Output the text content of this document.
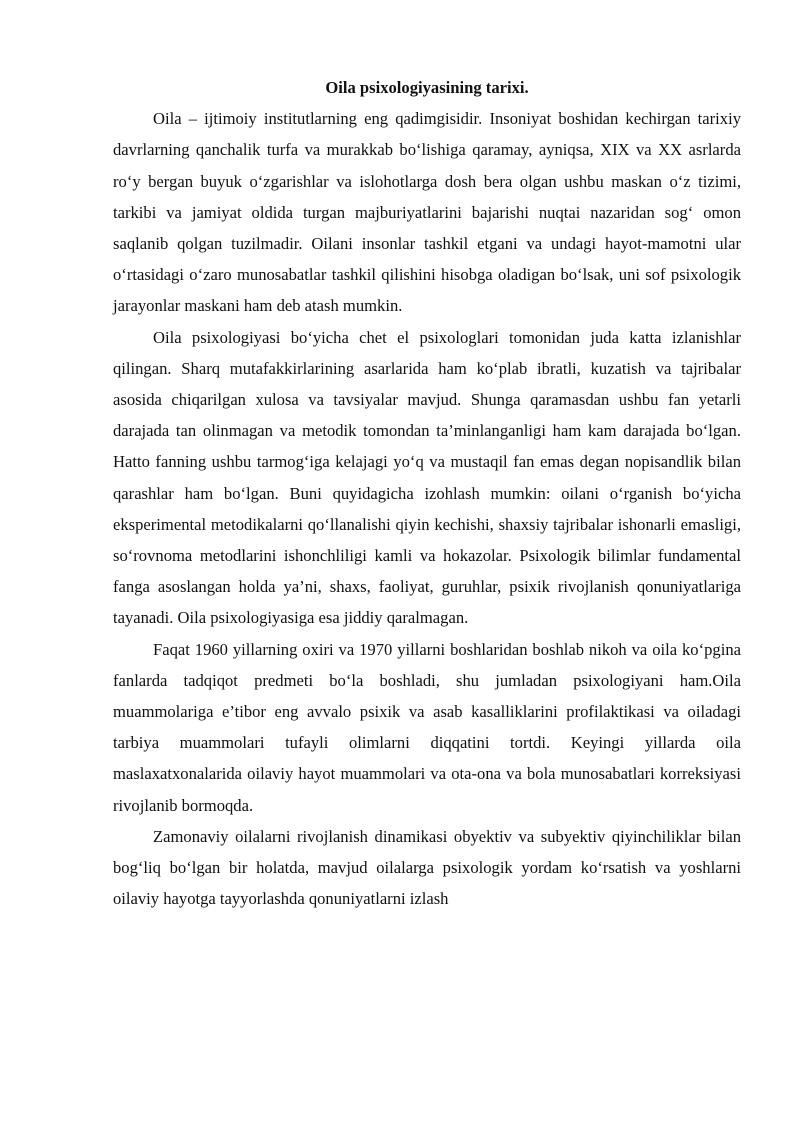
Oila psixologiyasining tarixi.

Oila – ijtimoiy institutlarning eng qadimgisidir. Insoniyat boshidan kechirgan tarixiy davrlarning qanchalik turfa va murakkab bo‘lishiga qaramay, ayniqsa, XIX va XX asrlarda ro‘y bergan buyuk o‘zgarishlar va islohotlarga dosh bera olgan ushbu maskan o‘z tizimi, tarkibi va jamiyat oldida turgan majburiyatlarini bajarishi nuqtai nazaridan sog‘ omon saqlanib qolgan tuzilmadir. Oilani insonlar tashkil etgani va undagi hayot-mamotni ular o‘rtasidagi o‘zaro munosabatlar tashkil qilishini hisobga oladigan bo‘lsak, uni sof psixologik jarayonlar maskani ham deb atash mumkin.

Oila psixologiyasi bo‘yicha chet el psixologlari tomonidan juda katta izlanishlar qilingan. Sharq mutafakkirlarining asarlarida ham ko‘plab ibratli, kuzatish va tajribalar asosida chiqarilgan xulosa va tavsiyalar mavjud. Shunga qaramasdan ushbu fan yetarli darajada tan olinmagan va metodik tomondan ta’minlanganligi ham kam darajada bo‘lgan. Hatto fanning ushbu tarmog‘iga kelajagi yo‘q va mustaqil fan emas degan nopisandlik bilan qarashlar ham bo‘lgan. Buni quyidagicha izohlash mumkin: oilani o‘rganish bo‘yicha eksperimental metodikalarni qo‘llanalishi qiyin kechishi, shaxsiy tajribalar ishonarli emasligi, so‘rovnoma metodlarini ishonchliligi kamli va hokazolar. Psixologik bilimlar fundamental fanga asoslangan holda ya’ni, shaxs, faoliyat, guruhlar, psixik rivojlanish qonuniyatlariga tayanadi. Oila psixologiyasiga esa jiddiy qaralmagan.

Faqat 1960 yillarning oxiri va 1970 yillarni boshlaridan boshlab nikoh va oila ko‘pgina fanlarda tadqiqot predmeti bo‘la boshladi, shu jumladan psixologiyani ham.Oila muammolariga e’tibor eng avvalo psixik va asab kasalliklarini profilaktikasi va oiladagi tarbiya muammolari tufayli olimlarni diqqatini tortdi. Keyingi yillarda oila maslaxatxonalarida oilaviy hayot muammolari va ota-ona va bola munosabatlari korreksiyasi rivojlanib bormoqda.

Zamonaviy oilalarni rivojlanish dinamikasi obyektiv va subyektiv qiyinchiliklar bilan bog‘liq bo‘lgan bir holatda, mavjud oilalarga psixologik yordam ko‘rsatish va yoshlarni oilaviy hayotga tayyorlashda qonuniyatlarni izlash
